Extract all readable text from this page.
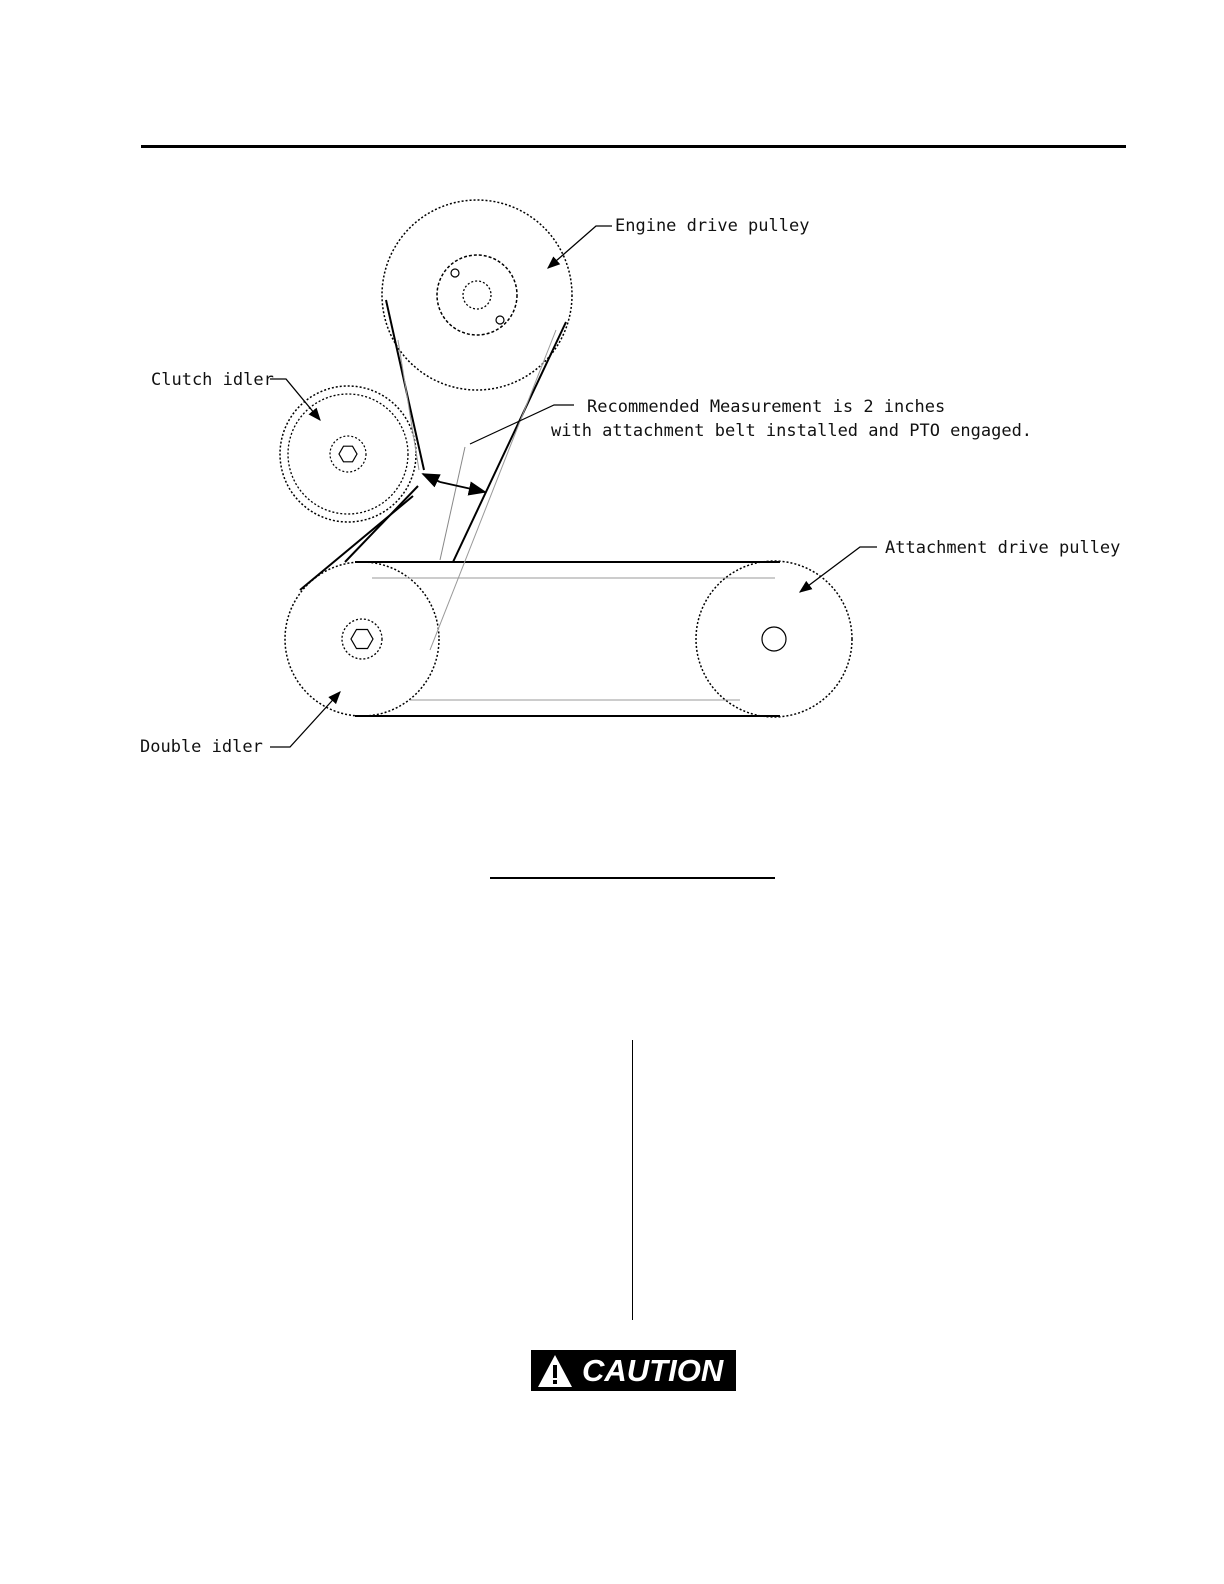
Engine drive pulley
Clutch idler
Recommended Measurement is 2 inches
with attachment belt installed and PTO engaged.
Attachment drive pulley
Double idler
CAUTION
